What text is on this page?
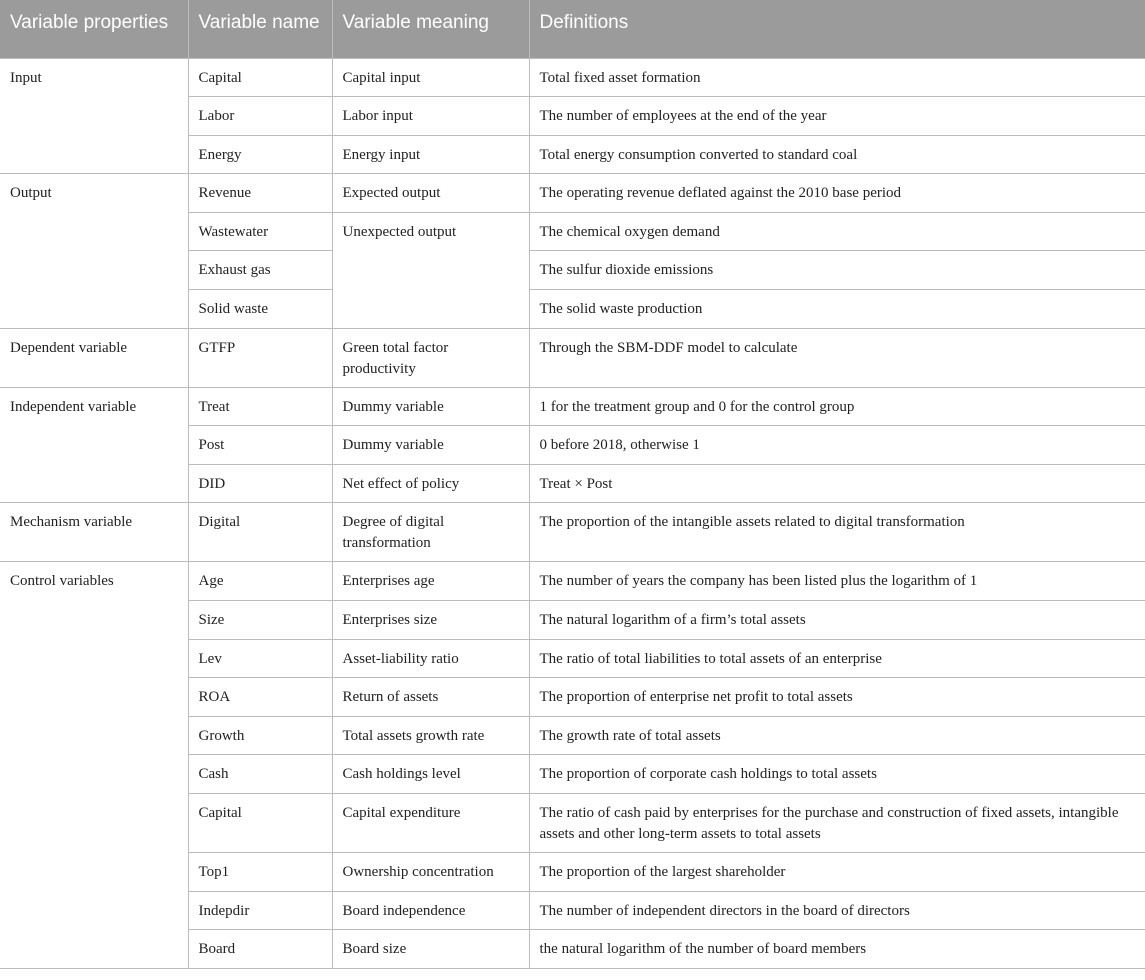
Variable properties	Variable name	Variable meaning	Definitions
Input	Capital	Capital input	Total fixed asset formation
	Labor	Labor input	The number of employees at the end of the year
	Energy	Energy input	Total energy consumption converted to standard coal
Output	Revenue	Expected output	The operating revenue deflated against the 2010 base period
	Wastewater	Unexpected output	The chemical oxygen demand
	Exhaust gas		The sulfur dioxide emissions
	Solid waste		The solid waste production
Dependent variable	GTFP	Green total factor productivity	Through the SBM-DDF model to calculate
Independent variable	Treat	Dummy variable	1 for the treatment group and 0 for the control group
	Post	Dummy variable	0 before 2018, otherwise 1
	DID	Net effect of policy	Treat × Post
Mechanism variable	Digital	Degree of digital transformation	The proportion of the intangible assets related to digital transformation
Control variables	Age	Enterprises age	The number of years the company has been listed plus the logarithm of 1
	Size	Enterprises size	The natural logarithm of a firm’s total assets
	Lev	Asset-liability ratio	The ratio of total liabilities to total assets of an enterprise
	ROA	Return of assets	The proportion of enterprise net profit to total assets
	Growth	Total assets growth rate	The growth rate of total assets
	Cash	Cash holdings level	The proportion of corporate cash holdings to total assets
	Capital	Capital expenditure	The ratio of cash paid by enterprises for the purchase and construction of fixed assets, intangible assets and other long-term assets to total assets
	Top1	Ownership concentration	The proportion of the largest shareholder
	Indepdir	Board independence	The number of independent directors in the board of directors
	Board	Board size	the natural logarithm of the number of board members
